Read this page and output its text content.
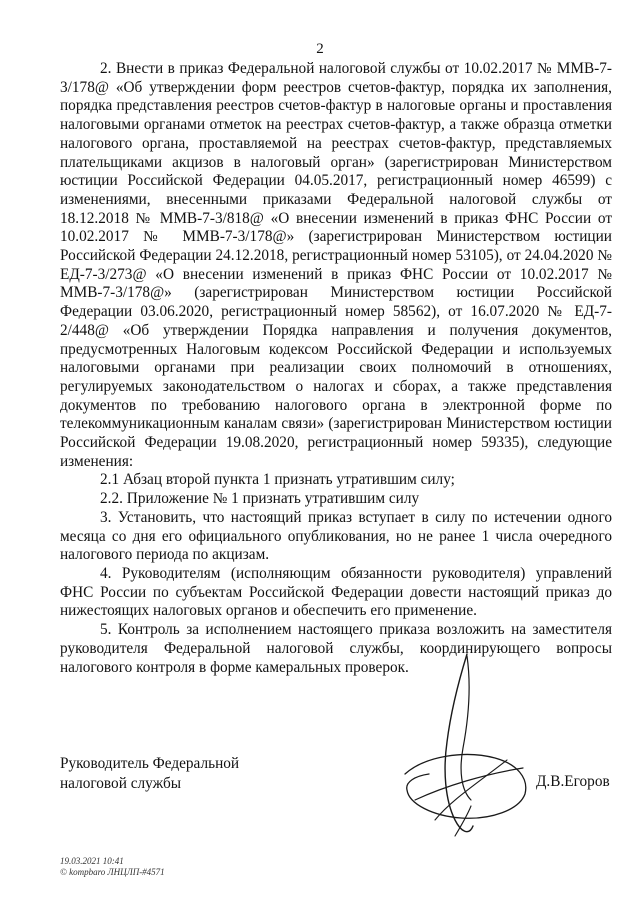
2

2. Внести в приказ Федеральной налоговой службы от 10.02.2017 № ММВ-7-3/178@ «Об утверждении форм реестров счетов-фактур, порядка их заполнения, порядка представления реестров счетов-фактур в налоговые органы и проставления налоговыми органами отметок на реестрах счетов-фактур, а также образца отметки налогового органа, проставляемой на реестрах счетов-фактур, представляемых плательщиками акцизов в налоговый орган» (зарегистрирован Министерством юстиции Российской Федерации 04.05.2017, регистрационный номер 46599) с изменениями, внесенными приказами Федеральной налоговой службы от 18.12.2018 № ММВ-7-3/818@ «О внесении изменений в приказ ФНС России от 10.02.2017 № ММВ-7-3/178@» (зарегистрирован Министерством юстиции Российской Федерации 24.12.2018, регистрационный номер 53105), от 24.04.2020 № ЕД-7-3/273@ «О внесении изменений в приказ ФНС России от 10.02.2017 № ММВ-7-3/178@» (зарегистрирован Министерством юстиции Российской Федерации 03.06.2020, регистрационный номер 58562), от 16.07.2020 № ЕД-7-2/448@ «Об утверждении Порядка направления и получения документов, предусмотренных Налоговым кодексом Российской Федерации и используемых налоговыми органами при реализации своих полномочий в отношениях, регулируемых законодательством о налогах и сборах, а также представления документов по требованию налогового органа в электронной форме по телекоммуникационным каналам связи» (зарегистрирован Министерством юстиции Российской Федерации 19.08.2020, регистрационный номер 59335), следующие изменения:

2.1 Абзац второй пункта 1 признать утратившим силу;

2.2. Приложение № 1 признать утратившим силу

3. Установить, что настоящий приказ вступает в силу по истечении одного месяца со дня его официального опубликования, но не ранее 1 числа очередного налогового периода по акцизам.

4. Руководителям (исполняющим обязанности руководителя) управлений ФНС России по субъектам Российской Федерации довести настоящий приказ до нижестоящих налоговых органов и обеспечить его применение.

5. Контроль за исполнением настоящего приказа возложить на заместителя руководителя Федеральной налоговой службы, координирующего вопросы налогового контроля в форме камеральных проверок.

Руководитель Федеральной
налоговой службы	Д.В.Егоров
19.03.2021 10:41
© kompbaro ЛНЦЛП-#4571
